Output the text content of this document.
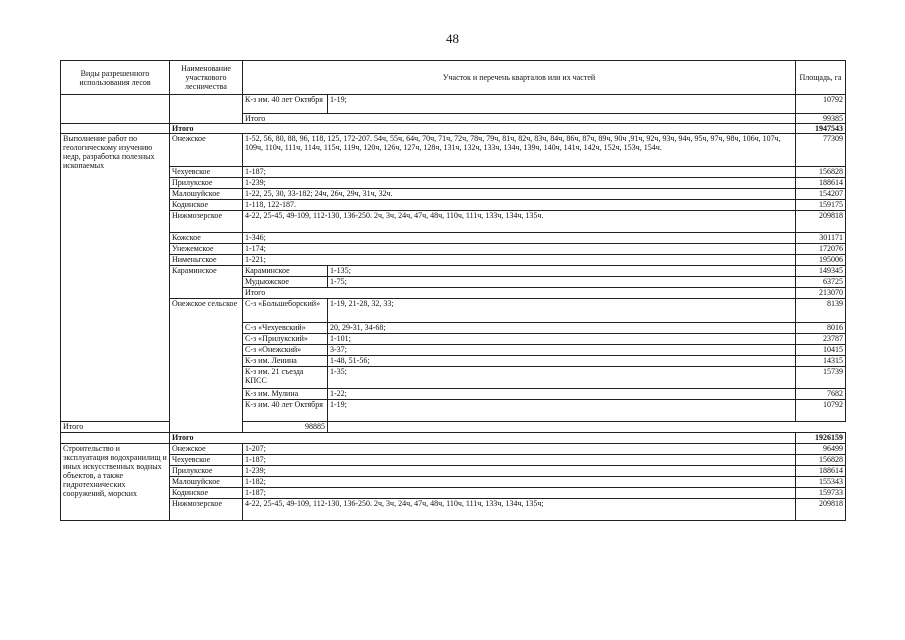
48
Виды разрешенного использования лесов	Наименование участкового лесничества	Участок и перечень кварталов или их частей		Площадь, га
		К-з им. 40 лет Октября	1-19;	10792
		Итого		99385
	Итого			1947543
Выполнение работ по геологическому изучению недр, разработка полезных ископаемых	Онежское	1-52, 56, 80, 88, 96, 118, 125, 172-207. 54ч, 55ч, 64ч, 70ч, 71ч, 72ч, 78ч, 79ч, 81ч, 82ч, 83ч, 84ч, 86ч, 87ч, 89ч, 90ч ,91ч, 92ч, 93ч, 94ч, 95ч, 97ч, 98ч, 106ч, 107ч, 109ч, 110ч, 111ч, 114ч, 115ч, 119ч, 120ч, 126ч, 127ч, 128ч, 131ч, 132ч, 133ч, 134ч, 139ч, 140ч, 141ч, 142ч, 152ч, 153ч, 154ч.		77309
	Чехуевское	1-187;		156828
	Прилукское	1-239;		188614
	Малошуйское	1-22, 25, 30, 33-182; 24ч, 26ч, 29ч, 31ч, 32ч.		154207
	Кодинское	1-118, 122-187.		159175
	Нижмозерское	4-22, 25-45, 49-109, 112-130, 136-250. 2ч, 3ч, 24ч, 47ч, 48ч, 110ч, 111ч, 133ч, 134ч, 135ч.		209818
	Кожское	1-346;		301171
	Унежемское	1-174;		172076
	Нименьгское	1-221;		195006
	Караминское	Караминское	1-135;	149345
		Мудьюжское	1-75;	63725
		Итого		213070
	Онежское сельское	С-з «Большеборский»	1-19, 21-28, 32, 33;	8139
		С-з «Чехуевский»	20, 29-31, 34-68;	8016
		С-з «Прилукский»	1-101;	23787
		С-з «Онежский»	3-37;	10415
		К-з им. Ленина	1-48, 51-56;	14315
		К-з им. 21 съезда КПСС	1-35;	15739
		К-з им. Мулина	1-22;	7682
		К-з им. 40 лет Октября	1-19;	10792
Итого		98885		
	Итого			1926159
Строительство и эксплуатация водохранилищ и иных искусственных водных объектов, а также гидротехнических сооружений, морских	Онежское	1-207;		96499
	Чехуевское	1-187;		156828
	Прилукское	1-239;		188614
	Малошуйское	1-182;		155343
	Кодинское	1-187;		159733
	Нижмозерское	4-22, 25-45, 49-109, 112-130, 136-250. 2ч, 3ч, 24ч, 47ч, 48ч, 110ч, 111ч, 133ч, 134ч, 135ч;		209818
